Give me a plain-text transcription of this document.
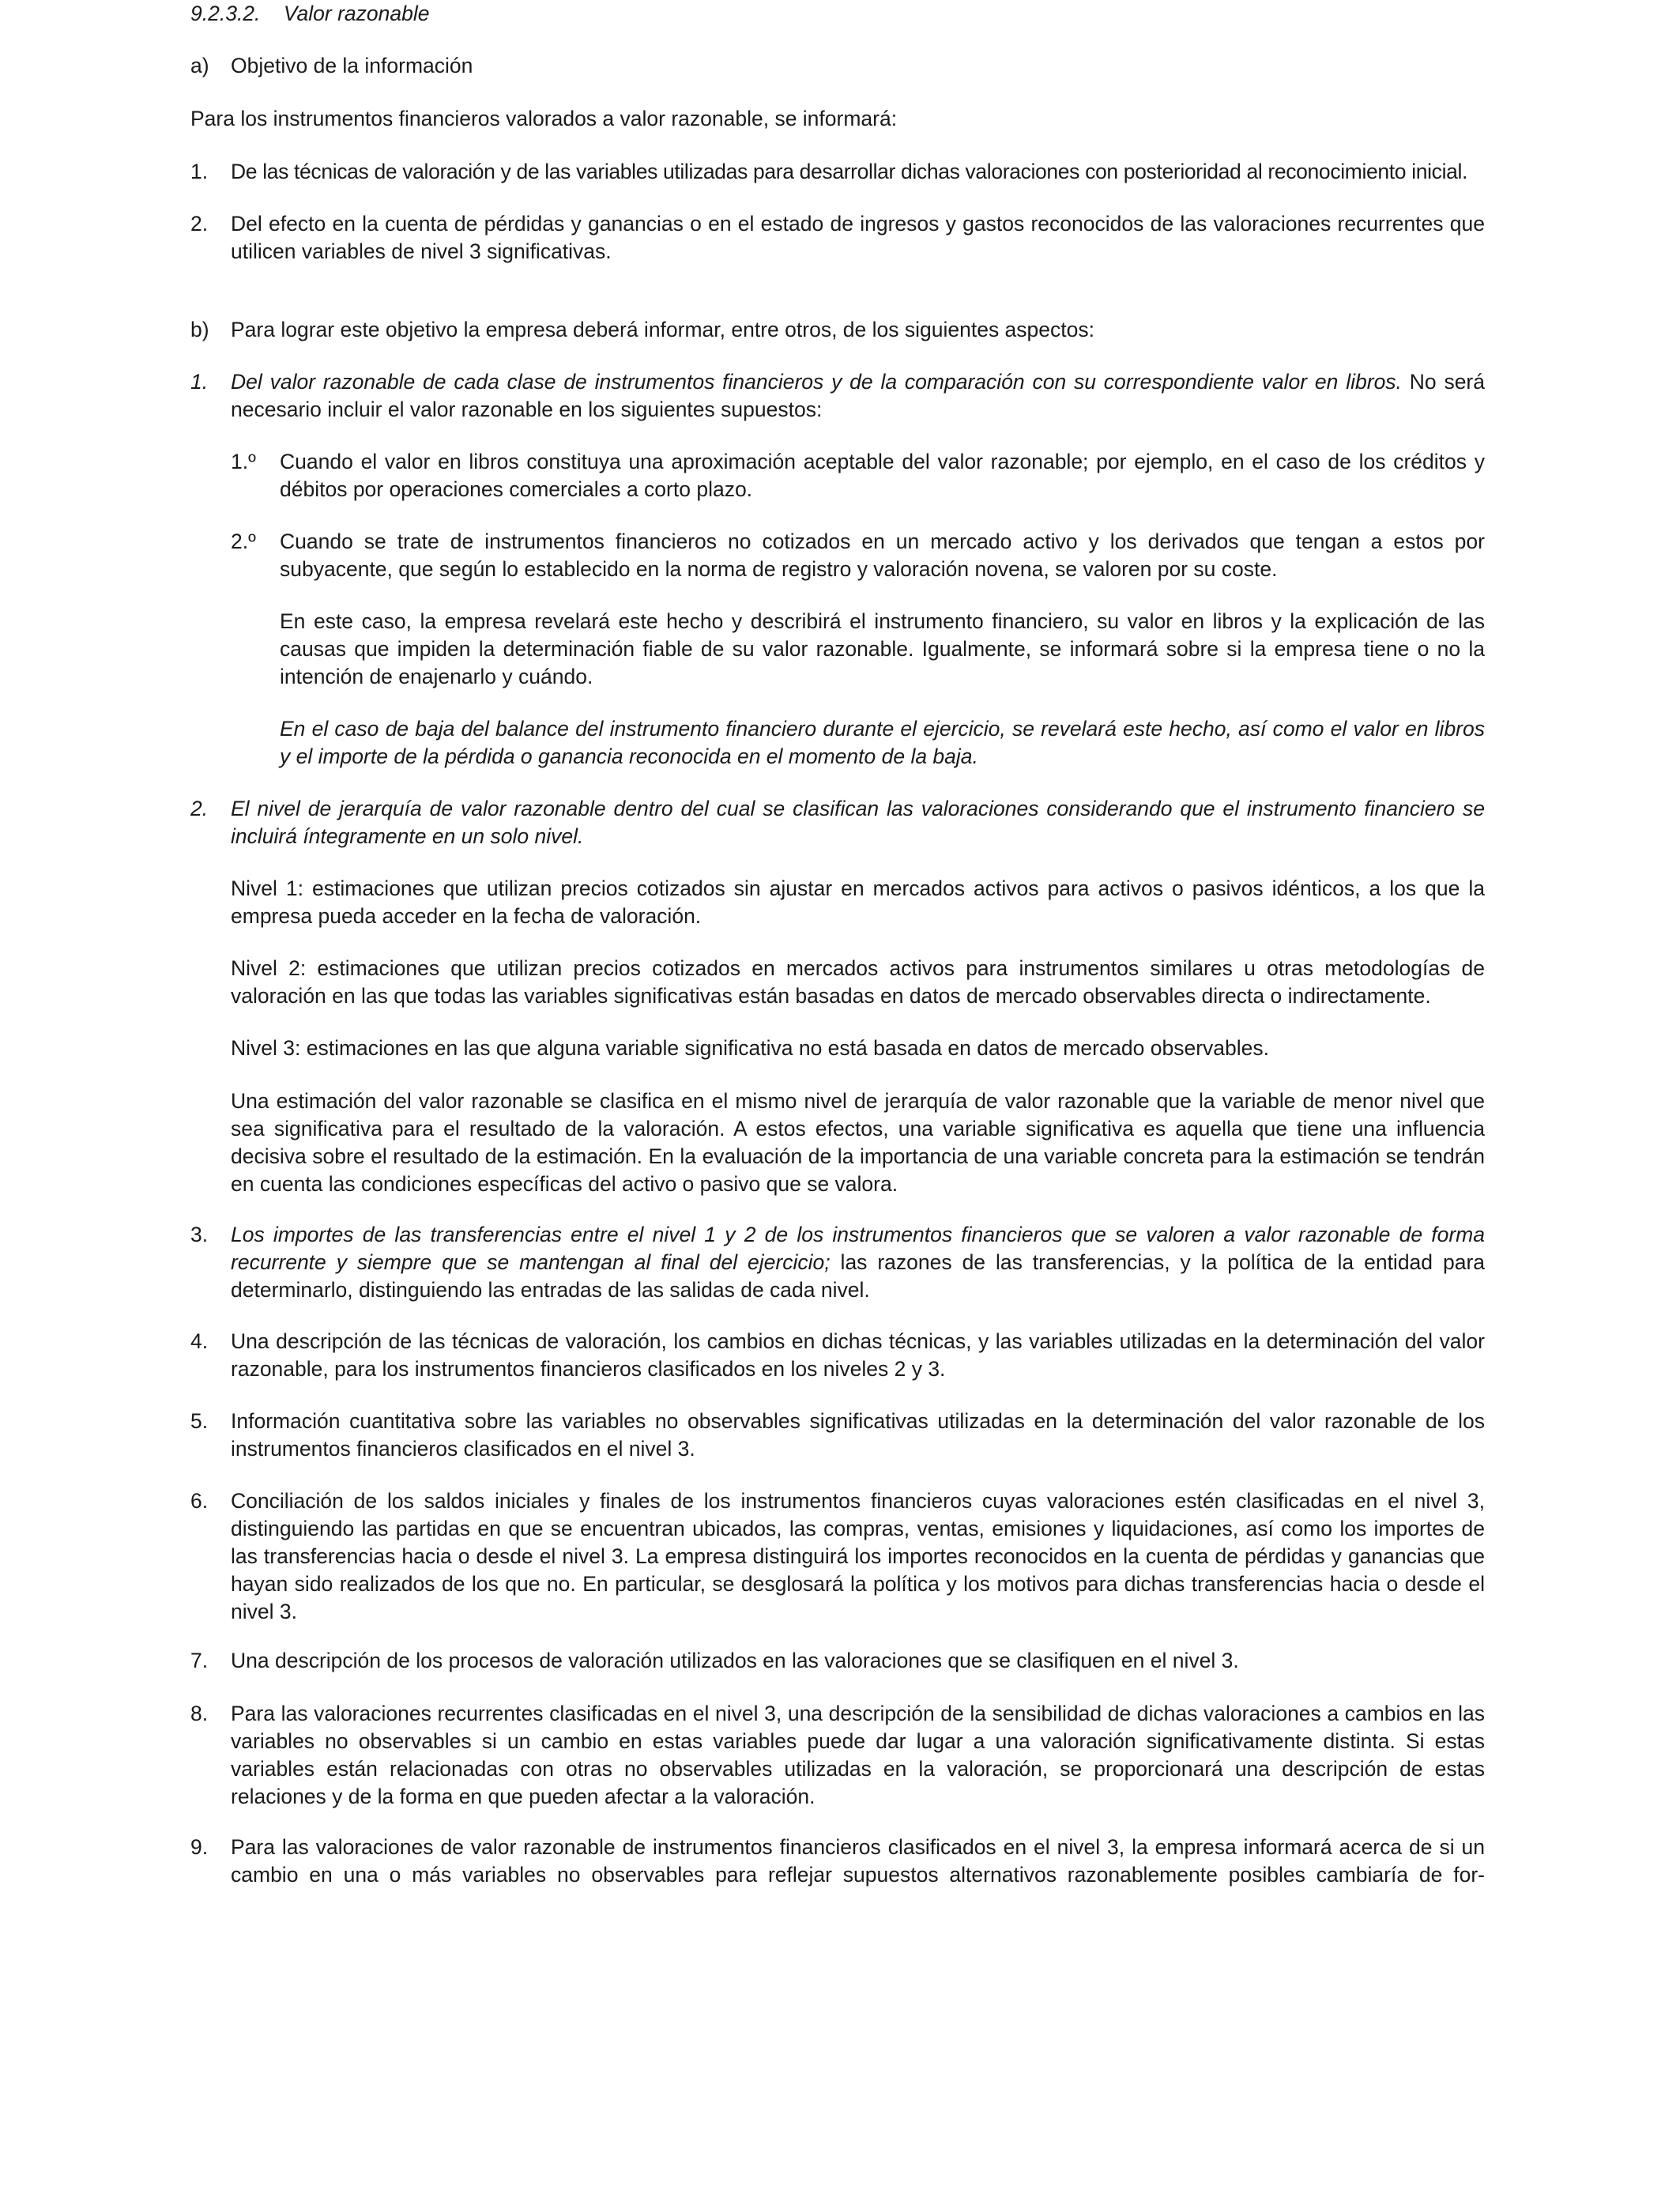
9.2.3.2. Valor razonable
a)	Objetivo de la información
Para los instrumentos financieros valorados a valor razonable, se informará:
1.	De las técnicas de valoración y de las variables utilizadas para desarrollar dichas valoraciones con posterioridad al reconocimiento inicial.
2.	Del efecto en la cuenta de pérdidas y ganancias o en el estado de ingresos y gastos reconocidos de las valoraciones recurrentes que utilicen variables de nivel 3 significativas.
b)	Para lograr este objetivo la empresa deberá informar, entre otros, de los siguientes aspectos:
1.	Del valor razonable de cada clase de instrumentos financieros y de la comparación con su correspondiente valor en libros. No será necesario incluir el valor razonable en los siguientes supuestos:
1.º	Cuando el valor en libros constituya una aproximación aceptable del valor razonable; por ejemplo, en el caso de los créditos y débitos por operaciones comerciales a corto plazo.
2.º	Cuando se trate de instrumentos financieros no cotizados en un mercado activo y los derivados que tengan a estos por subyacente, que según lo establecido en la norma de registro y valoración novena, se valoren por su coste.
En este caso, la empresa revelará este hecho y describirá el instrumento financiero, su valor en libros y la explicación de las causas que impiden la determinación fiable de su valor razonable. Igualmente, se informará sobre si la empresa tiene o no la intención de enajenarlo y cuándo.
En el caso de baja del balance del instrumento financiero durante el ejercicio, se revelará este hecho, así como el valor en libros y el importe de la pérdida o ganancia reconocida en el momento de la baja.
2.	El nivel de jerarquía de valor razonable dentro del cual se clasifican las valoraciones considerando que el instrumento financiero se incluirá íntegramente en un solo nivel.
Nivel 1: estimaciones que utilizan precios cotizados sin ajustar en mercados activos para activos o pasivos idénticos, a los que la empresa pueda acceder en la fecha de valoración.
Nivel 2: estimaciones que utilizan precios cotizados en mercados activos para instrumentos similares u otras metodologías de valoración en las que todas las variables significativas están basadas en datos de mercado observables directa o indirectamente.
Nivel 3: estimaciones en las que alguna variable significativa no está basada en datos de mercado observables.
Una estimación del valor razonable se clasifica en el mismo nivel de jerarquía de valor razonable que la variable de menor nivel que sea significativa para el resultado de la valoración. A estos efectos, una variable significativa es aquella que tiene una influencia decisiva sobre el resultado de la estimación. En la evaluación de la importancia de una variable concreta para la estimación se tendrán en cuenta las condiciones específicas del activo o pasivo que se valora.
3.	Los importes de las transferencias entre el nivel 1 y 2 de los instrumentos financieros que se valoren a valor razonable de forma recurrente y siempre que se mantengan al final del ejercicio; las razones de las transferencias, y la política de la entidad para determinarlo, distinguiendo las entradas de las salidas de cada nivel.
4.	Una descripción de las técnicas de valoración, los cambios en dichas técnicas, y las variables utilizadas en la determinación del valor razonable, para los instrumentos financieros clasificados en los niveles 2 y 3.
5.	Información cuantitativa sobre las variables no observables significativas utilizadas en la determinación del valor razonable de los instrumentos financieros clasificados en el nivel 3.
6.	Conciliación de los saldos iniciales y finales de los instrumentos financieros cuyas valoraciones estén clasificadas en el nivel 3, distinguiendo las partidas en que se encuentran ubicados, las compras, ventas, emisiones y liquidaciones, así como los importes de las transferencias hacia o desde el nivel 3. La empresa distinguirá los importes reconocidos en la cuenta de pérdidas y ganancias que hayan sido realizados de los que no. En particular, se desglosará la política y los motivos para dichas transferencias hacia o desde el nivel 3.
7.	Una descripción de los procesos de valoración utilizados en las valoraciones que se clasifiquen en el nivel 3.
8.	Para las valoraciones recurrentes clasificadas en el nivel 3, una descripción de la sensibilidad de dichas valoraciones a cambios en las variables no observables si un cambio en estas variables puede dar lugar a una valoración significativamente distinta. Si estas variables están relacionadas con otras no observables utilizadas en la valoración, se proporcionará una descripción de estas relaciones y de la forma en que pueden afectar a la valoración.
9.	Para las valoraciones de valor razonable de instrumentos financieros clasificados en el nivel 3, la empresa informará acerca de si un cambio en una o más variables no observables para reflejar supuestos alternativos razonablemente posibles cambiaría de for-
